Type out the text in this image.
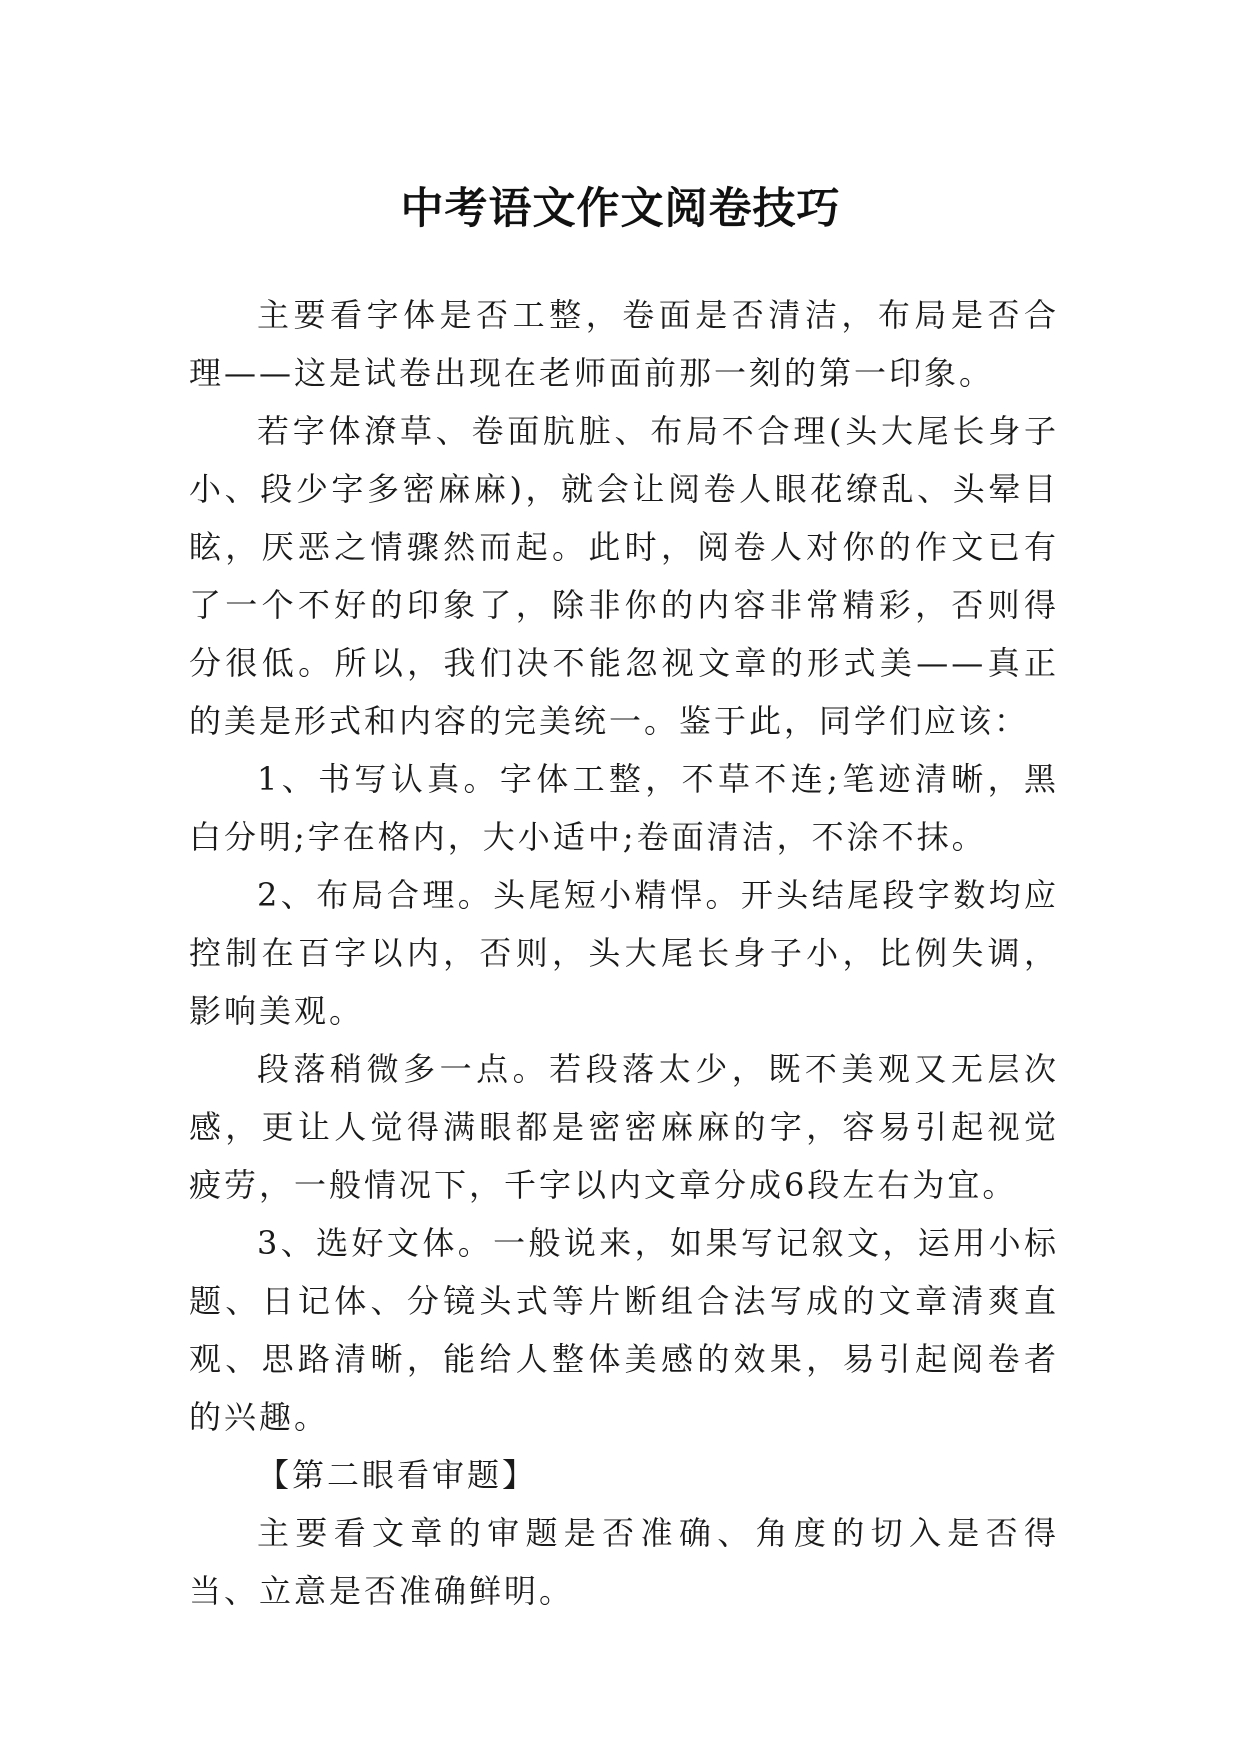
中考语文作文阅卷技巧

主要看字体是否工整，卷面是否清洁，布局是否合理——这是试卷出现在老师面前那一刻的第一印象。

若字体潦草、卷面肮脏、布局不合理(头大尾长身子小、段少字多密麻麻)，就会让阅卷人眼花缭乱、头晕目眩，厌恶之情骤然而起。此时，阅卷人对你的作文已有了一个不好的印象了，除非你的内容非常精彩，否则得分很低。所以，我们决不能忽视文章的形式美——真正的美是形式和内容的完美统一。鉴于此，同学们应该：

1、书写认真。字体工整，不草不连;笔迹清晰，黑白分明;字在格内，大小适中;卷面清洁，不涂不抹。

2、布局合理。头尾短小精悍。开头结尾段字数均应控制在百字以内，否则，头大尾长身子小，比例失调，影响美观。

段落稍微多一点。若段落太少，既不美观又无层次感，更让人觉得满眼都是密密麻麻的字，容易引起视觉疲劳，一般情况下，千字以内文章分成6段左右为宜。

3、选好文体。一般说来，如果写记叙文，运用小标题、日记体、分镜头式等片断组合法写成的文章清爽直观、思路清晰，能给人整体美感的效果，易引起阅卷者的兴趣。

【第二眼看审题】

主要看文章的审题是否准确、角度的切入是否得当、立意是否准确鲜明。
